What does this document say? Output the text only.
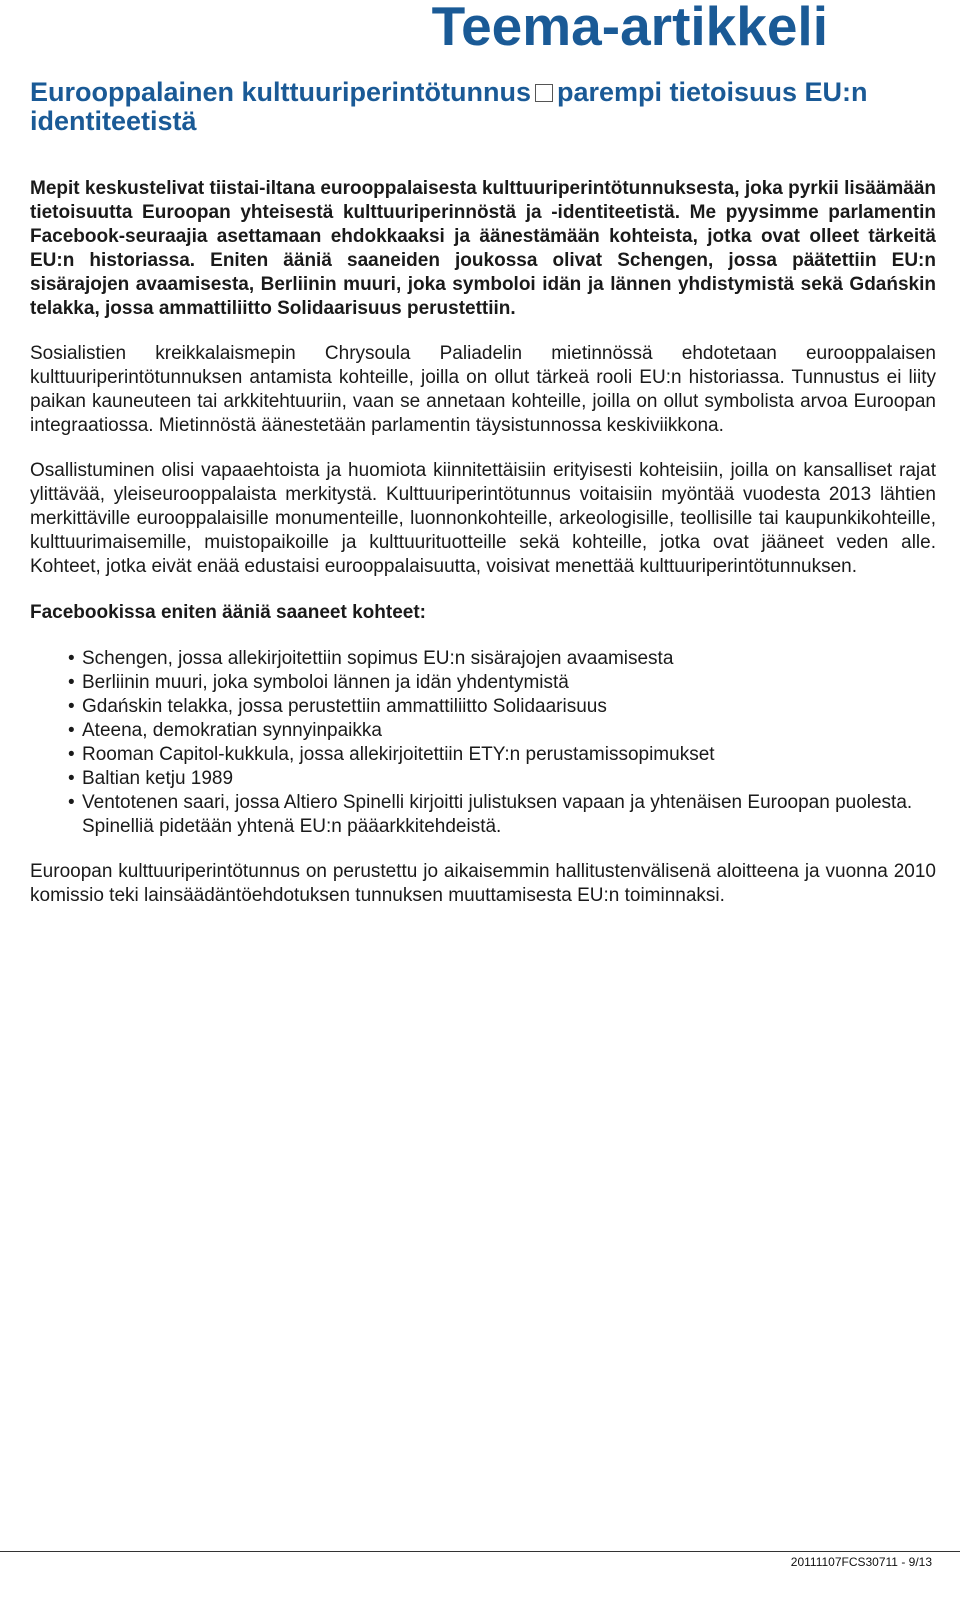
Teema-artikkeli
Eurooppalainen kulttuuriperintötunnus parempi tietoisuus EU:n identiteetistä

Mepit keskustelivat tiistai-iltana eurooppalaisesta kulttuuriperintötunnuksesta, joka pyrkii lisäämään tietoisuutta Euroopan yhteisestä kulttuuriperinnöstä ja -identiteetistä. Me pyysimme parlamentin Facebook-seuraajia asettamaan ehdokkaaksi ja äänestämään kohteista, jotka ovat olleet tärkeitä EU:n historiassa. Eniten ääniä saaneiden joukossa olivat Schengen, jossa päätettiin EU:n sisärajojen avaamisesta, Berliinin muuri, joka symboloi idän ja lännen yhdistymistä sekä Gdańskin telakka, jossa ammattiliitto Solidaarisuus perustettiin.

Sosialistien kreikkalaismepin Chrysoula Paliadelin mietinnössä ehdotetaan eurooppalaisen kulttuuriperintötunnuksen antamista kohteille, joilla on ollut tärkeä rooli EU:n historiassa. Tunnustus ei liity paikan kauneuteen tai arkkitehtuuriin, vaan se annetaan kohteille, joilla on ollut symbolista arvoa Euroopan integraatiossa. Mietinnöstä äänestetään parlamentin täysistunnossa keskiviikkona.

Osallistuminen olisi vapaaehtoista ja huomiota kiinnitettäisiin erityisesti kohteisiin, joilla on kansalliset rajat ylittävää, yleiseurooppalaista merkitystä. Kulttuuriperintötunnus voitaisiin myöntää vuodesta 2013 lähtien merkittäville eurooppalaisille monumenteille, luonnonkohteille, arkeologisille, teollisille tai kaupunkikohteille, kulttuurimaisemille, muistopaikoille ja kulttuurituotteille sekä kohteille, jotka ovat jääneet veden alle. Kohteet, jotka eivät enää edustaisi eurooppalaisuutta, voisivat menettää kulttuuriperintötunnuksen.

Facebookissa eniten ääniä saaneet kohteet:

• Schengen, jossa allekirjoitettiin sopimus EU:n sisärajojen avaamisesta
• Berliinin muuri, joka symboloi lännen ja idän yhdentymistä
• Gdańskin telakka, jossa perustettiin ammattiliitto Solidaarisuus
• Ateena, demokratian synnyinpaikka
• Rooman Capitol-kukkula, jossa allekirjoitettiin ETY:n perustamissopimukset
• Baltian ketju 1989
• Ventotenen saari, jossa Altiero Spinelli kirjoitti julistuksen vapaan ja yhtenäisen Euroopan puolesta. Spinelliä pidetään yhtenä EU:n pääarkkitehdeistä.

Euroopan kulttuuriperintötunnus on perustettu jo aikaisemmin hallitustenvälisenä aloitteena ja vuonna 2010 komissio teki lainsäädäntöehdotuksen tunnuksen muuttamisesta EU:n toiminnaksi.

20111107FCS30711 - 9/13
